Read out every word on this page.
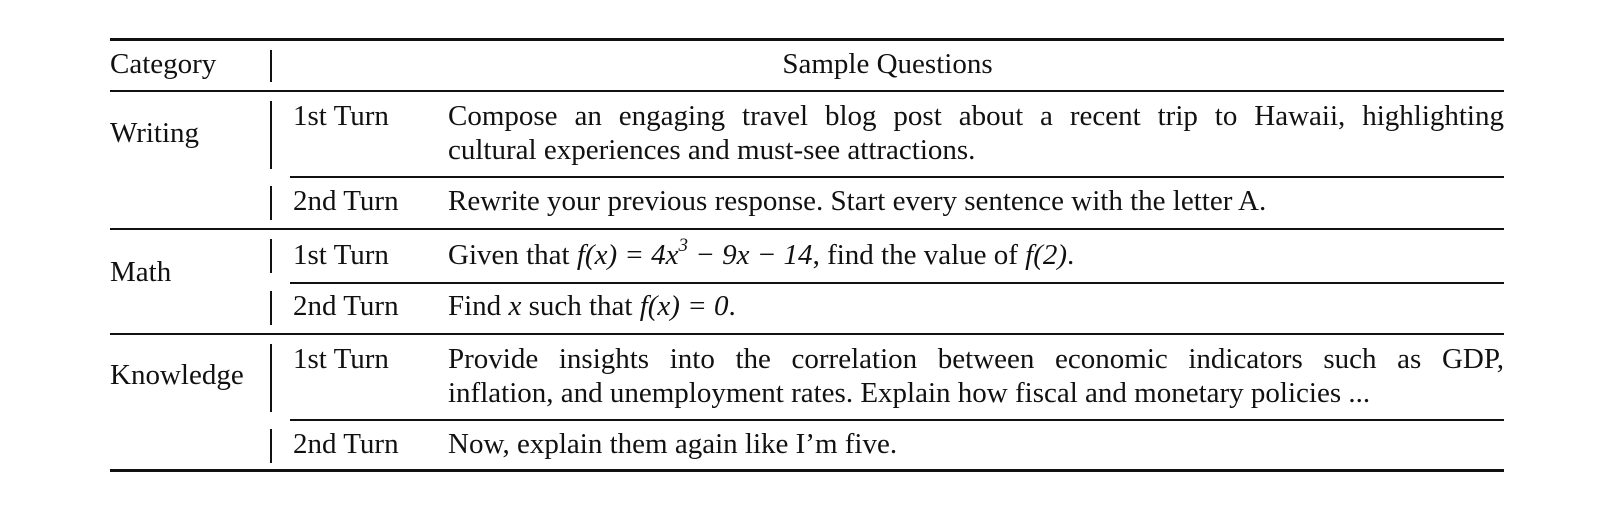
Category	Sample Questions
Writing
1st Turn Compose an engaging travel blog post about a recent trip to Hawaii, highlighting
cultural experiences and must-see attractions.
2nd Turn Rewrite your previous response. Start every sentence with the letter A.
Math
1st Turn Given that $f(x) = 4x^3 - 9x - 14$, find the value of f(2).
2nd Turn Find x such that f(x) = 0.
Knowledge 1st Turn Provide insights into the correlation between economic indicators such as GDP,
inflation, and unemployment rates. Explain how fiscal and monetary policies ...
2nd Turn Now, explain them again like I’m five.
